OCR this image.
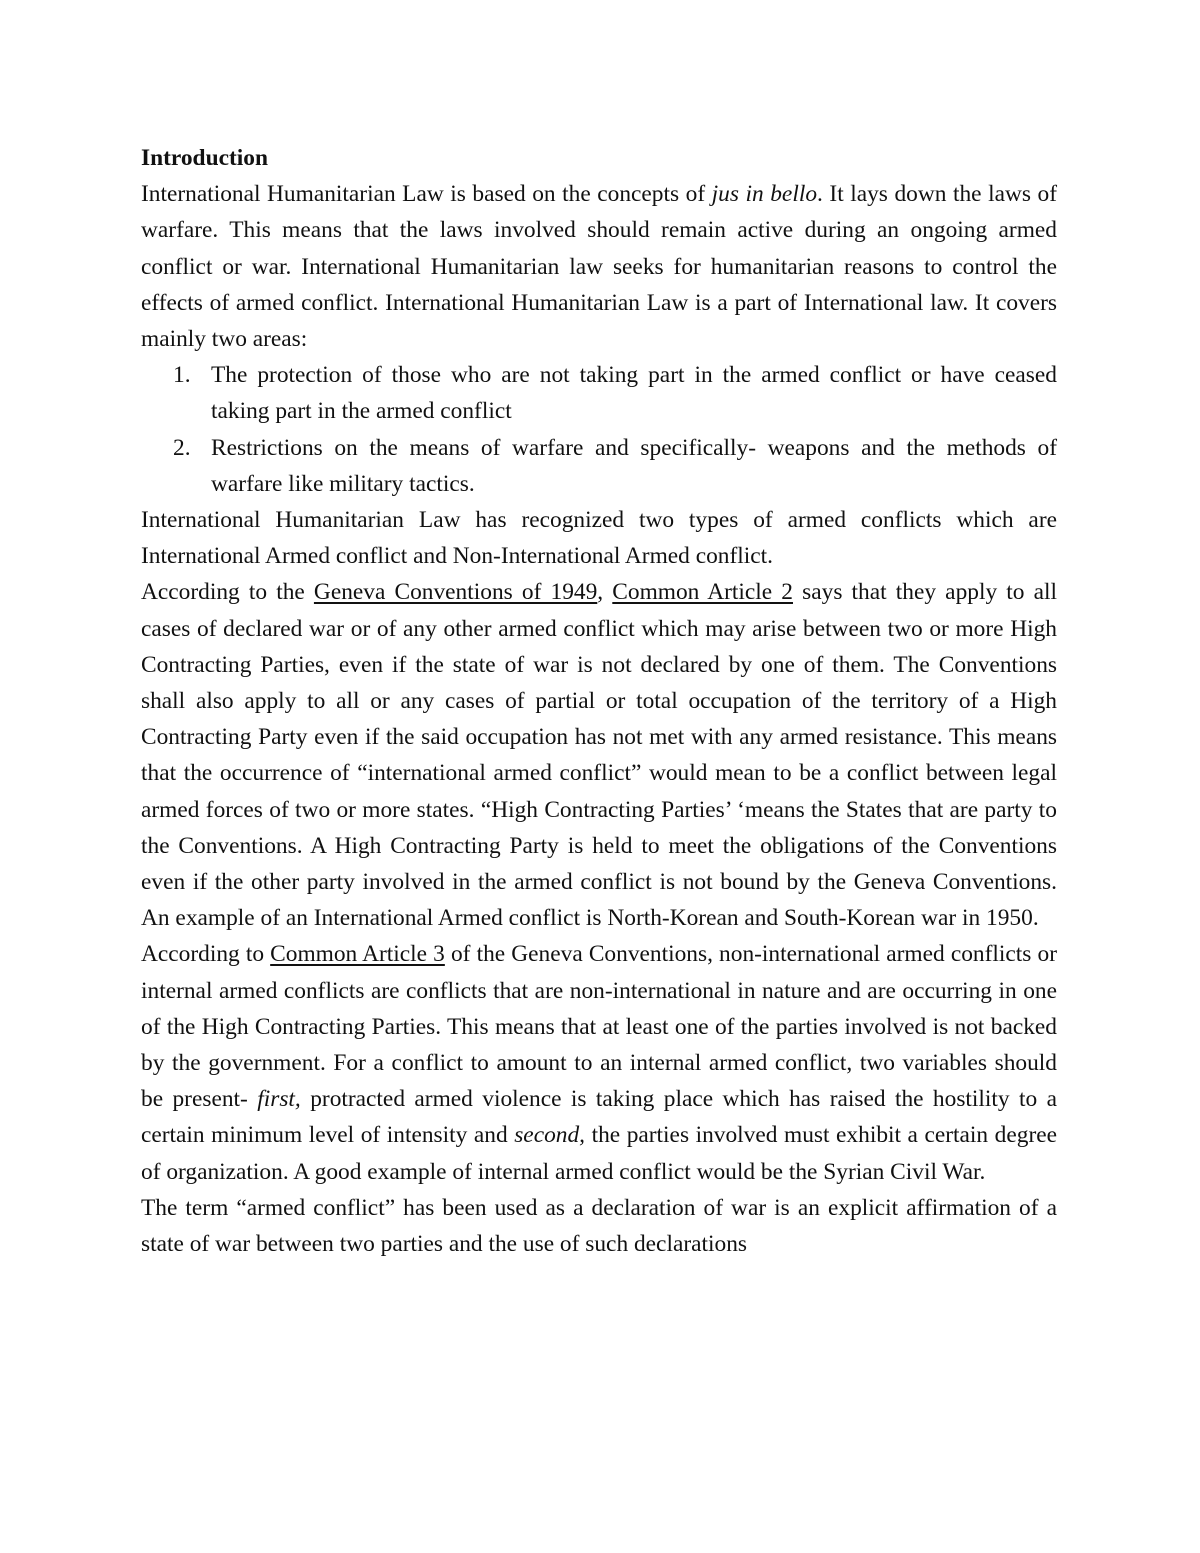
Introduction

International Humanitarian Law is based on the concepts of jus in bello. It lays down the laws of warfare. This means that the laws involved should remain active during an ongoing armed conflict or war. International Humanitarian law seeks for humanitarian reasons to control the effects of armed conflict. International Humanitarian Law is a part of International law. It covers mainly two areas:

1. The protection of those who are not taking part in the armed conflict or have ceased taking part in the armed conflict
2. Restrictions on the means of warfare and specifically- weapons and the methods of warfare like military tactics.

International Humanitarian Law has recognized two types of armed conflicts which are International Armed conflict and Non-International Armed conflict.

According to the Geneva Conventions of 1949, Common Article 2 says that they apply to all cases of declared war or of any other armed conflict which may arise between two or more High Contracting Parties, even if the state of war is not declared by one of them. The Conventions shall also apply to all or any cases of partial or total occupation of the territory of a High Contracting Party even if the said occupation has not met with any armed resistance. This means that the occurrence of “international armed conflict” would mean to be a conflict between legal armed forces of two or more states. “High Contracting Parties’ ‘means the States that are party to the Conventions. A High Contracting Party is held to meet the obligations of the Conventions even if the other party involved in the armed conflict is not bound by the Geneva Conventions. An example of an International Armed conflict is North-Korean and South-Korean war in 1950.

According to Common Article 3 of the Geneva Conventions, non-international armed conflicts or internal armed conflicts are conflicts that are non-international in nature and are occurring in one of the High Contracting Parties. This means that at least one of the parties involved is not backed by the government. For a conflict to amount to an internal armed conflict, two variables should be present- first, protracted armed violence is taking place which has raised the hostility to a certain minimum level of intensity and second, the parties involved must exhibit a certain degree of organization. A good example of internal armed conflict would be the Syrian Civil War.

The term “armed conflict” has been used as a declaration of war is an explicit affirmation of a state of war between two parties and the use of such declarations
